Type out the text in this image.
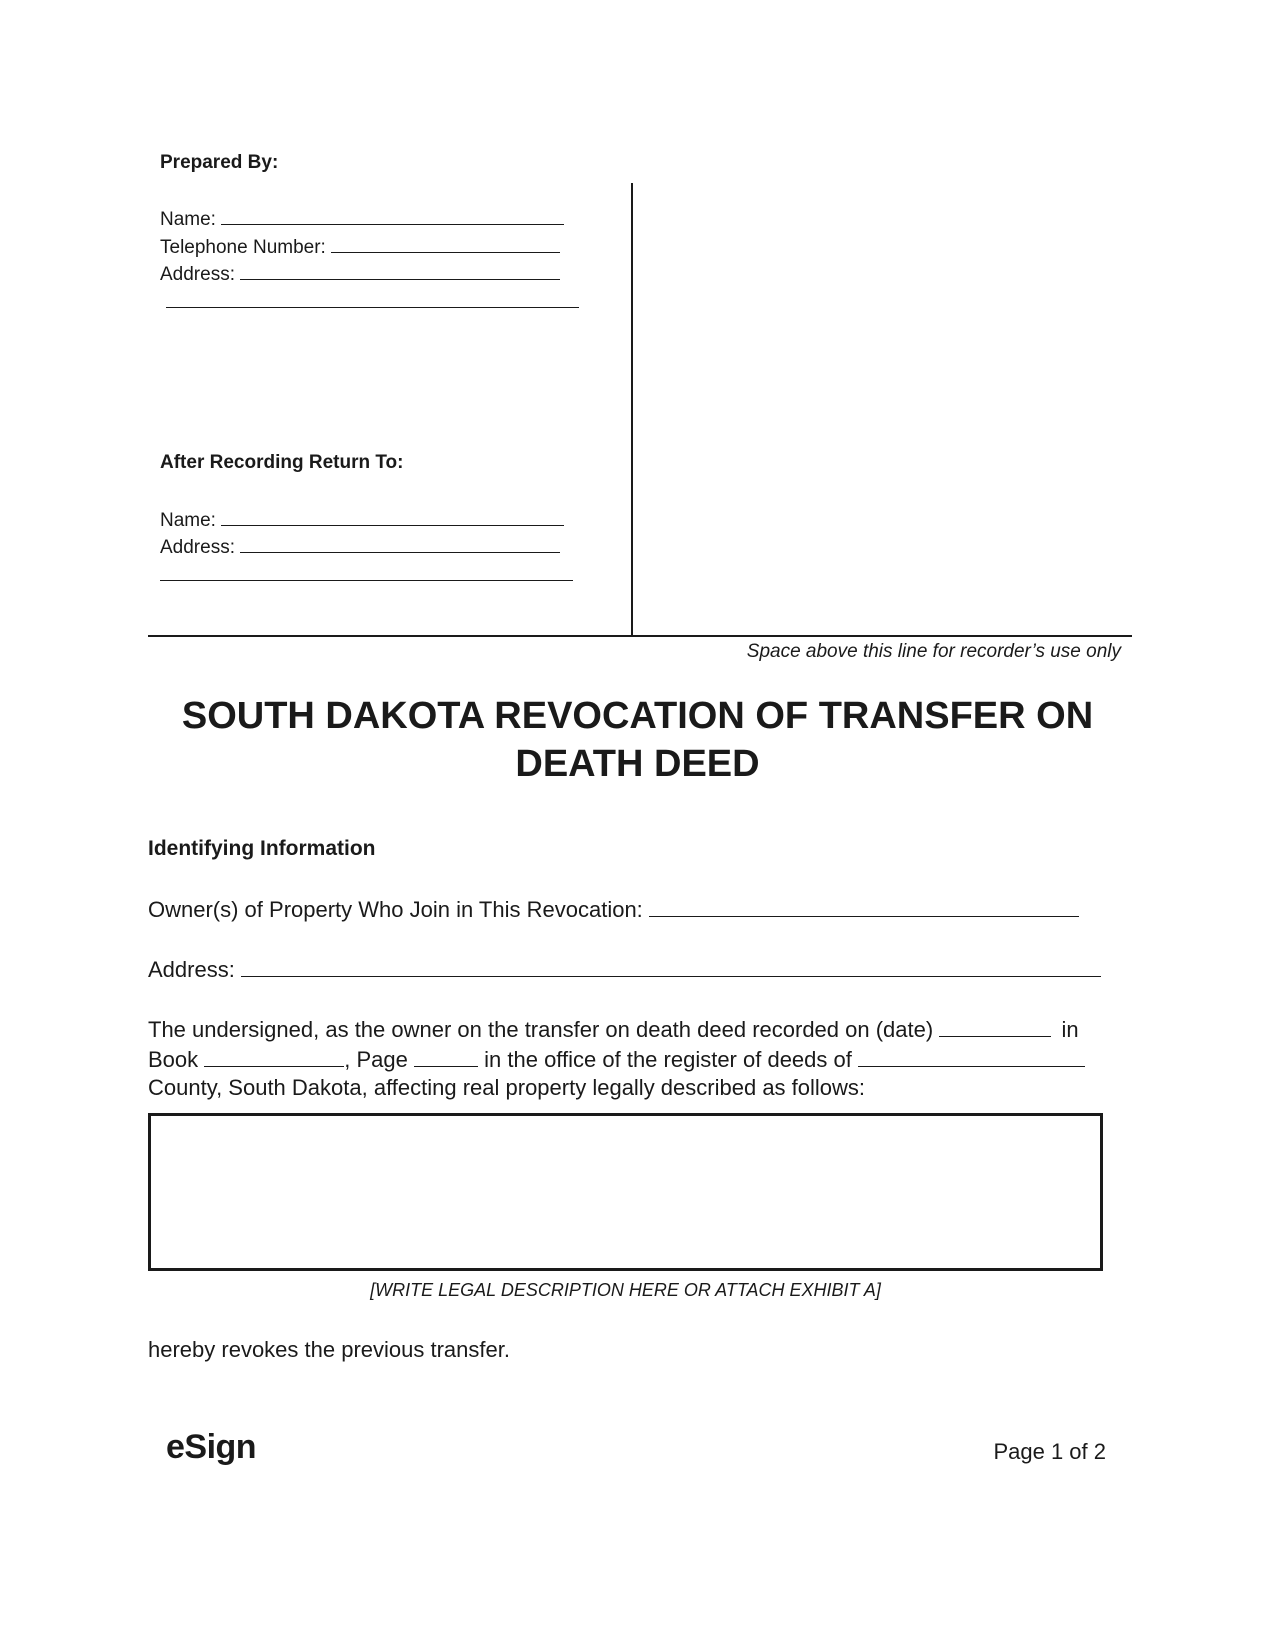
Prepared By:
Name:
Telephone Number:
Address:
After Recording Return To:
Name:
Address:
Space above this line for recorder’s use only
SOUTH DAKOTA REVOCATION OF TRANSFER ON
DEATH DEED
Identifying Information
Owner(s) of Property Who Join in This Revocation:
Address:
The undersigned, as the owner on the transfer on death deed recorded on (date)	in
Book	, Page	in the office of the register of deeds of
County, South Dakota, affecting real property legally described as follows:
[WRITE LEGAL DESCRIPTION HERE OR ATTACH EXHIBIT A]
hereby revokes the previous transfer.
eSign	Page 1 of 2
